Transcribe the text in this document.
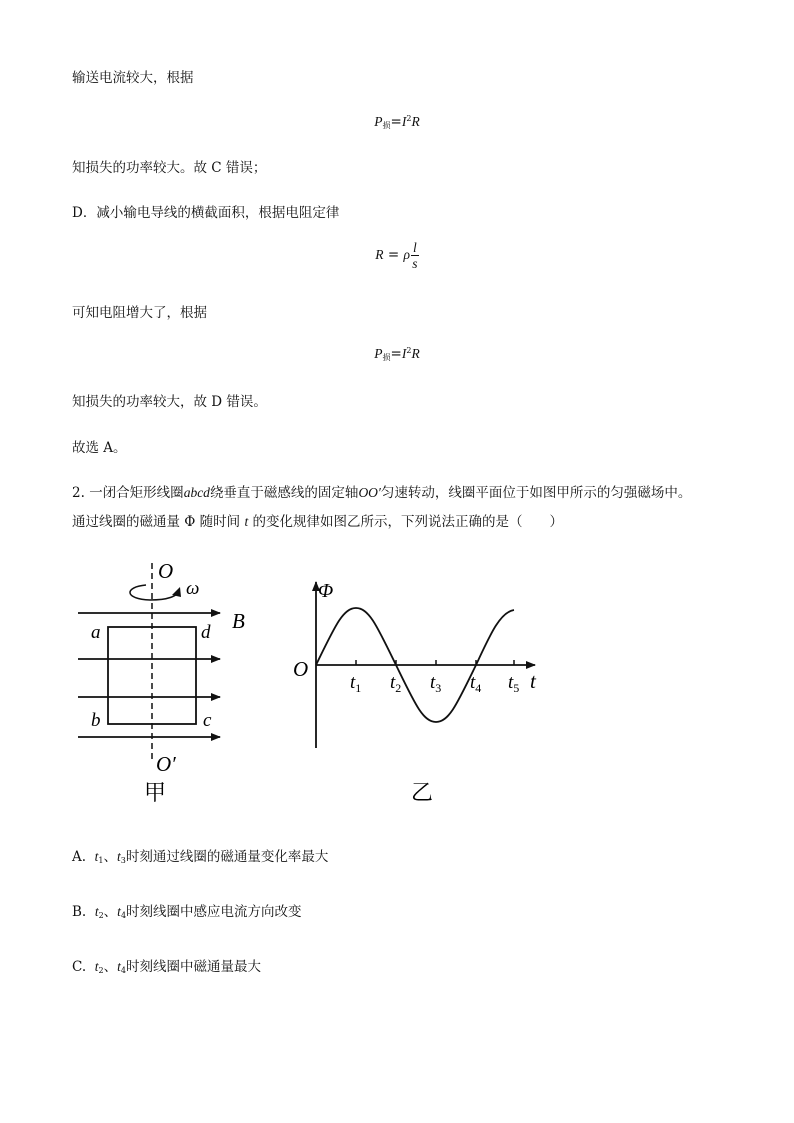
输送电流较大，根据
$P_损=I^2R$
知损失的功率较大。故 C 错误；
D．减小输电导线的横截面积，根据电阻定律
R = ρ $\frac{l}{s}$
可知电阻增大了，根据
$P_损=I^2R$
知损失的功率较大，故 D 错误。
故选 A。
2. 一闭合矩形线圈abcd绕垂直于磁感线的固定轴OO′匀速转动，线圈平面位于如图甲所示的匀强磁场中。
通过线圈的磁通量 Φ 随时间 t 的变化规律如图乙所示，下列说法正确的是（　　）
O
ω
B
a	d
b	c
O′
甲
Φ
O	t
$t_1$ $t_2$ $t_3$ $t_4$ $t_5$
乙
A. $t_1$、$t_3$时刻通过线圈的磁通量变化率最大
B. $t_2$、$t_4$时刻线圈中感应电流方向改变
C. $t_2$、$t_4$时刻线圈中磁通量最大
